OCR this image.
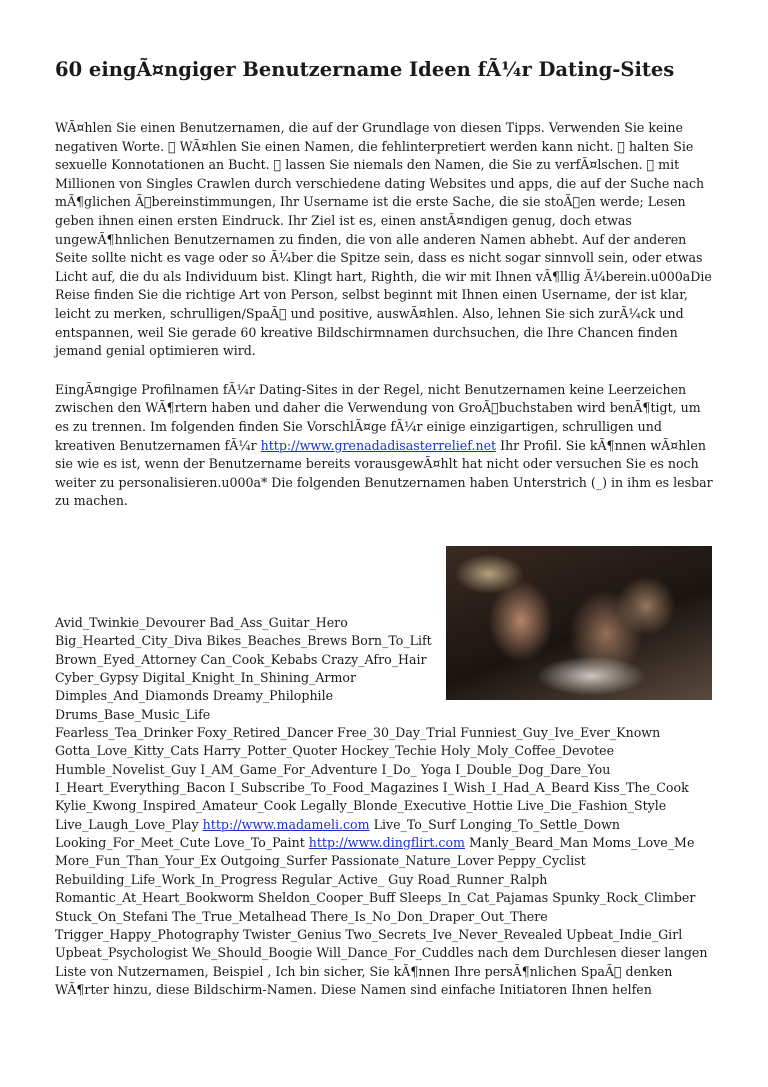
60 eingÃ¤ngiger Benutzername Ideen fÃ¼r Dating-Sites

WÃ¤hlen Sie einen Benutzernamen, die auf der Grundlage von diesen Tipps. Verwenden Sie keine negativen Worte.   WÃ¤hlen Sie einen Namen, die fehlinterpretiert werden kann nicht.   halten Sie sexuelle Konnotationen an Bucht.   lassen Sie niemals den Namen, die Sie zu verfÃ¤lschen.   mit Millionen von Singles Crawlen durch verschiedene dating Websites und apps, die auf der Suche nach mÃ¶glichen Ã bereinstimmungen, Ihr Username ist die erste Sache, die sie stoÃ en werde; Lesen geben ihnen einen ersten Eindruck. Ihr Ziel ist es, einen anstÃ¤ndigen genug, doch etwas ungewÃ¶hnlichen Benutzernamen zu finden, die von alle anderen Namen abhebt. Auf der anderen Seite sollte nicht es vage oder so Ã¼ber die Spitze sein, dass es nicht sogar sinnvoll sein, oder etwas Licht auf, die du als Individuum bist. Klingt hart, Righth, die wir mit Ihnen vÃ¶llig Ã¼berein.u000aDie Reise finden Sie die richtige Art von Person, selbst beginnt mit Ihnen einen Username, der ist klar, leicht zu merken, schrulligen/SpaÃ  und positive, auswÃ¤hlen. Also, lehnen Sie sich zurÃ¼ck und entspannen, weil Sie gerade 60 kreative Bildschirmnamen durchsuchen, die Ihre Chancen finden jemand genial optimieren wird.

EingÃ¤ngige Profilnamen fÃ¼r Dating-Sites in der Regel, nicht Benutzernamen keine Leerzeichen zwischen den WÃ¶rtern haben und daher die Verwendung von GroÃ buchstaben wird benÃ¶tigt, um es zu trennen. Im folgenden finden Sie VorschlÃ¤ge fÃ¼r einige einzigartigen, schrulligen und kreativen Benutzernamen fÃ¼r http://www.grenadadisasterrelief.net Ihr Profil. Sie kÃ¶nnen wÃ¤hlen sie wie es ist, wenn der Benutzername bereits vorausgewÃ¤hlt hat nicht oder versuchen Sie es noch weiter zu personalisieren.u000a* Die folgenden Benutzernamen haben Unterstrich (_) in ihm es lesbar zu machen.

Avid_Twinkie_Devourer Bad_Ass_Guitar_Hero Big_Hearted_City_Diva Bikes_Beaches_Brews Born_To_Lift Brown_Eyed_Attorney Can_Cook_Kebabs Crazy_Afro_Hair Cyber_Gypsy Digital_Knight_In_Shining_Armor Dimples_And_Diamonds Dreamy_Philophile Drums_Base_Music_Life

Fearless_Tea_Drinker Foxy_Retired_Dancer Free_30_Day_Trial Funniest_Guy_Ive_Ever_Known Gotta_Love_Kitty_Cats Harry_Potter_Quoter Hockey_Techie Holy_Moly_Coffee_Devotee Humble_Novelist_Guy I_AM_Game_For_Adventure I_Do_ Yoga I_Double_Dog_Dare_You I_Heart_Everything_Bacon I_Subscribe_To_Food_Magazines I_Wish_I_Had_A_Beard Kiss_The_Cook Kylie_Kwong_Inspired_Amateur_Cook Legally_Blonde_Executive_Hottie Live_Die_Fashion_Style Live_Laugh_Love_Play http://www.madameli.com Live_To_Surf Longing_To_Settle_Down Looking_For_Meet_Cute Love_To_Paint http://www.dingflirt.com Manly_Beard_Man Moms_Love_Me More_Fun_Than_Your_Ex Outgoing_Surfer Passionate_Nature_Lover Peppy_Cyclist Rebuilding_Life_Work_In_Progress Regular_Active_ Guy Road_Runner_Ralph Romantic_At_Heart_Bookworm Sheldon_Cooper_Buff Sleeps_In_Cat_Pajamas Spunky_Rock_Climber Stuck_On_Stefani The_True_Metalhead There_Is_No_Don_Draper_Out_There Trigger_Happy_Photography Twister_Genius Two_Secrets_Ive_Never_Revealed Upbeat_Indie_Girl Upbeat_Psychologist We_Should_Boogie Will_Dance_For_Cuddles nach dem Durchlesen dieser langen Liste von Nutzernamen, Beispiel , Ich bin sicher, Sie kÃ¶nnen Ihre persÃ¶nlichen SpaÃ  denken WÃ¶rter hinzu, diese Bildschirm-Namen. Diese Namen sind einfache Initiatoren Ihnen helfen
